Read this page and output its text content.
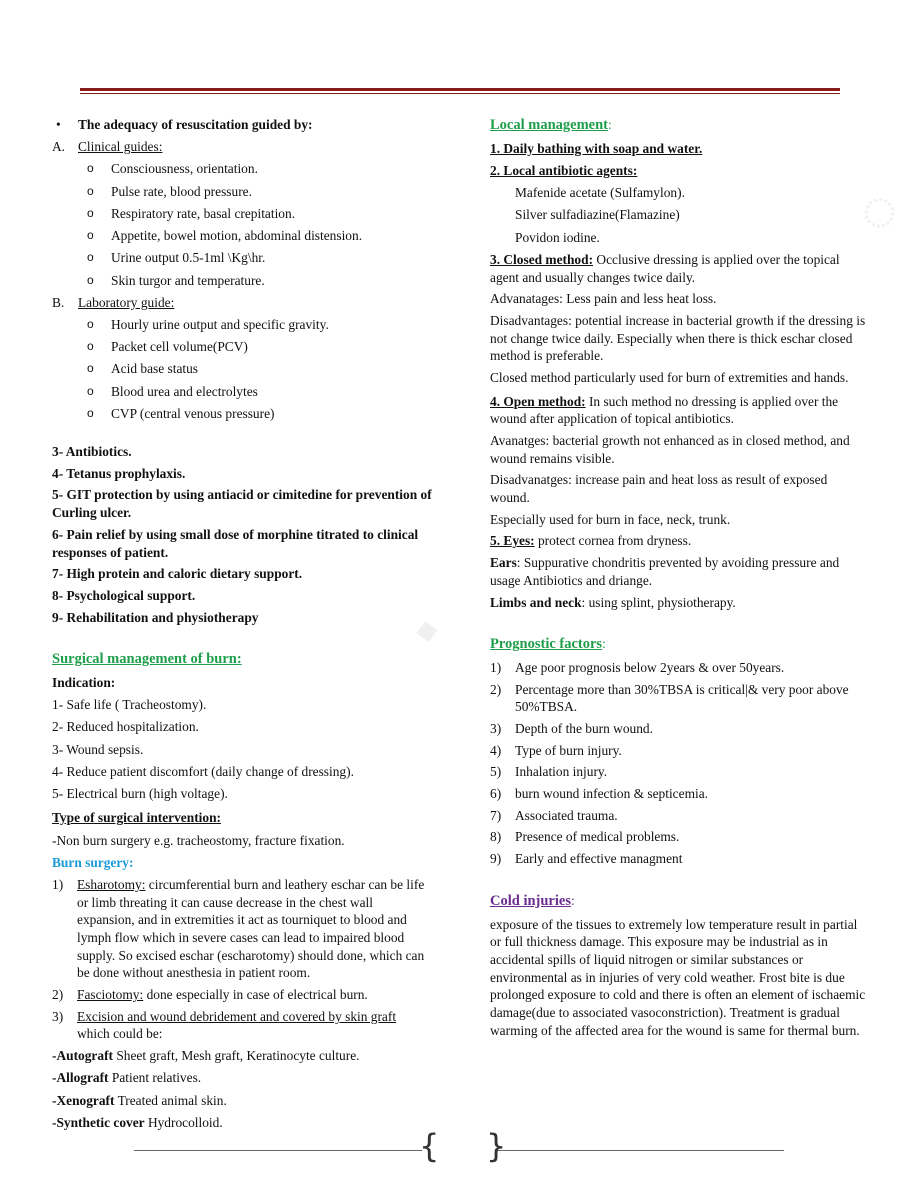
◌
▪
•	The adequacy of resuscitation guided by:
A. Clinical guides:
o	Consciousness, orientation.
o	Pulse rate, blood pressure.
o	Respiratory rate, basal crepitation.
o	Appetite, bowel motion, abdominal distension.
o	Urine output 0.5-1ml \Kg\hr.
o	Skin turgor and temperature.
B.	Laboratory guide:
o	Hourly urine output and specific gravity.
o	Packet cell volume(PCV)
o	Acid base status
o	Blood urea and electrolytes
o	CVP (central venous pressure)

3- Antibiotics.

4- Tetanus prophylaxis.

5- GIT protection by using antiacid or cimitedine for prevention of Curling ulcer.

6- Pain relief by using small dose of morphine titrated to clinical responses of patient.

7- High protein and caloric dietary support.

8- Psychological support.

9- Rehabilitation and physiotherapy

Surgical management of burn:

Indication:

1- Safe life ( Tracheostomy).

2- Reduced hospitalization.

3- Wound sepsis.

4- Reduce patient discomfort (daily change of dressing).

5- Electrical burn (high voltage).

Type of surgical intervention:

-Non burn surgery e.g. tracheostomy, fracture fixation.

Burn surgery:

1)	Esharotomy: circumferential burn and leathery eschar can be life or limb threating it can cause decrease in the chest wall expansion, and in extremities it act as tourniquet to blood and lymph flow which in severe cases can lead to impaired blood supply. So excised eschar (escharotomy) should done, which can be done without anesthesia in patient room.
2)	Fasciotomy: done especially in case of electrical burn.
3)	Excision and wound debridement and covered by skin graft which could be:

-Autograft Sheet graft, Mesh graft, Keratinocyte culture.

-Allograft Patient relatives.

-Xenograft Treated animal skin.

-Synthetic cover Hydrocolloid.

Local management:

1. Daily bathing with soap and water.

2. Local antibiotic agents:

Mafenide acetate (Sulfamylon).

Silver sulfadiazine(Flamazine)

Povidon iodine.

3. Closed method: Occlusive dressing is applied over the topical agent and usually changes twice daily.

Advanatages: Less pain and less heat loss.

Disadvantages: potential increase in bacterial growth if the dressing is not change twice daily. Especially when there is thick eschar closed method is preferable.

Closed method particularly used for burn of extremities and hands.

4. Open method: In such method no dressing is applied over the wound after application of topical antibiotics.

Avanatges: bacterial growth not enhanced as in closed method, and wound remains visible.

Disadvanatges: increase pain and heat loss as result of exposed wound.

Especially used for burn in face, neck, trunk.

5. Eyes: protect cornea from dryness.

Ears: Suppurative chondritis prevented by avoiding pressure and usage Antibiotics and driange.

Limbs and neck: using splint, physiotherapy.

Prognostic factors:

1)	Age poor prognosis below 2years & over 50years.
2)	Percentage more than 30%TBSA is critical|& very poor above 50%TBSA.
3)	Depth of the burn wound.
4)	Type of burn injury.
5)	Inhalation injury.
6)	burn wound infection & septicemia.
7)	Associated trauma.
8)	Presence of medical problems.
9)	Early and effective managment

Cold injuries:

exposure of the tissues to extremely low temperature result in partial or full thickness damage. This exposure may be industrial as in accidental spills of liquid nitrogen or similar substances or environmental as in injuries of very cold weather. Frost bite is due prolonged exposure to cold and there is often an element of ischaemic damage(due to associated vasoconstriction). Treatment is gradual warming of the affected area for the wound is same for thermal burn.

{ }
